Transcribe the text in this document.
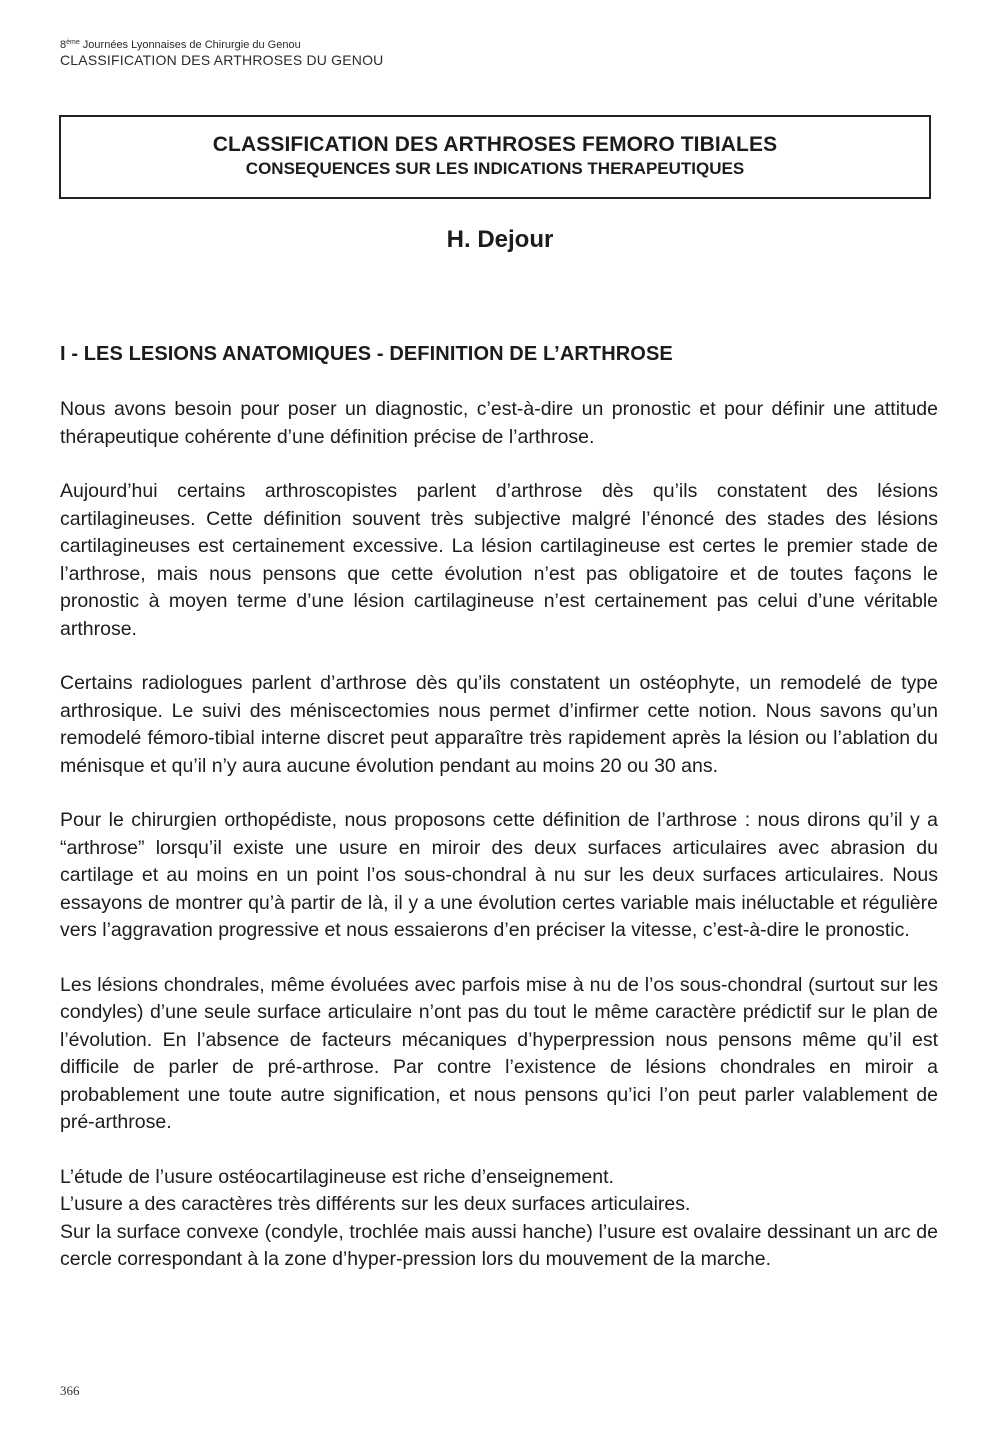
8ème Journées Lyonnaises de Chirurgie du Genou
CLASSIFICATION DES ARTHROSES DU GENOU
CLASSIFICATION DES ARTHROSES FEMORO TIBIALES
CONSEQUENCES SUR LES INDICATIONS THERAPEUTIQUES
H. Dejour
I - LES LESIONS ANATOMIQUES - DEFINITION DE L’ARTHROSE

Nous avons besoin pour poser un diagnostic, c’est-à-dire un pronostic et pour définir une attitude thérapeutique cohérente d’une définition précise de l’arthrose.

Aujourd’hui certains arthroscopistes parlent d’arthrose dès qu’ils constatent des lésions cartilagineuses. Cette définition souvent très subjective malgré l’énoncé des stades des lésions cartilagineuses est certainement excessive. La lésion cartilagineuse est certes le premier stade de l’arthrose, mais nous pensons que cette évolution n’est pas obligatoire et de toutes façons le pronostic à moyen terme d’une lésion cartilagineuse n’est certainement pas celui d’une véritable arthrose.

Certains radiologues parlent d’arthrose dès qu’ils constatent un ostéophyte, un remodelé de type arthrosique. Le suivi des méniscectomies nous permet d’infirmer cette notion. Nous savons qu’un remodelé fémoro-tibial interne discret peut apparaître très rapidement après la lésion ou l’ablation du ménisque et qu’il n’y aura aucune évolution pendant au moins 20 ou 30 ans.

Pour le chirurgien orthopédiste, nous proposons cette définition de l’arthrose : nous dirons qu’il y a “arthrose” lorsqu’il existe une usure en miroir des deux surfaces articulaires avec abrasion du cartilage et au moins en un point l’os sous-chondral à nu sur les deux surfaces articulaires. Nous essayons de montrer qu’à partir de là, il y a une évolution certes variable mais inéluctable et régulière vers l’aggravation progressive et nous essaierons d’en préciser la vitesse, c’est-à-dire le pronostic.

Les lésions chondrales, même évoluées avec parfois mise à nu de l’os sous-chondral (surtout sur les condyles) d’une seule surface articulaire n’ont pas du tout le même caractère prédictif sur le plan de l’évolution. En l’absence de facteurs mécaniques d’hyperpression nous pensons même qu’il est difficile de parler de pré-arthrose. Par contre l’existence de lésions chondrales en miroir a probablement une toute autre signification, et nous pensons qu’ici l’on peut parler valablement de pré-arthrose.

L’étude de l’usure ostéocartilagineuse est riche d’enseignement.

L’usure a des caractères très différents sur les deux surfaces articulaires.

Sur la surface convexe (condyle, trochlée mais aussi hanche) l’usure est ovalaire dessinant un arc de cercle correspondant à la zone d’hyper-pression lors du mouvement de la marche.

366
